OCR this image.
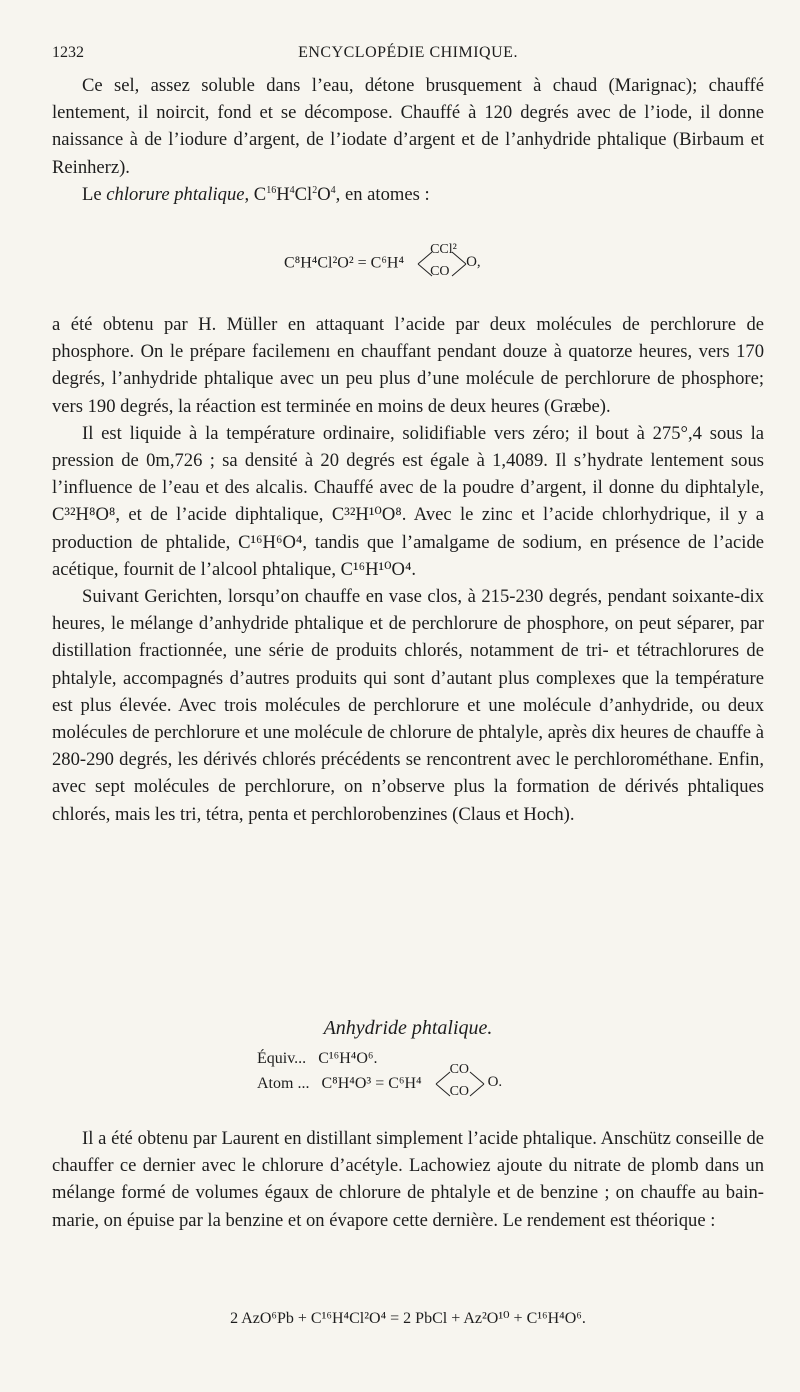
1232	ENCYCLOPÉDIE CHIMIQUE.

Ce sel, assez soluble dans l’eau, détone brusquement à chaud (Marignac); chauffé lentement, il noircit, fond et se décompose. Chauffé à 120 degrés avec de l’iode, il donne naissance à de l’iodure d’argent, de l’iodate d’argent et de l’anhydride phtalique (Birbaum et Reinherz).

Le chlorure phtalique, $C^{16}H^4Cl^2O^4$, en atomes :

C⁸H⁴Cl²O² = C⁶H⁴
CCl²
CO
O,

a été obtenu par H. Müller en attaquant l’acide par deux molécules de perchlorure de phosphore. On le prépare facilemenı en chauffant pendant douze à quatorze heures, vers 170 degrés, l’anhydride phtalique avec un peu plus d’une molécule de perchlorure de phosphore; vers 190 degrés, la réaction est terminée en moins de deux heures (Græbe).

Il est liquide à la température ordinaire, solidifiable vers zéro; il bout à 275°,4 sous la pression de 0m,726 ; sa densité à 20 degrés est égale à 1,4089. Il s’hydrate lentement sous l’influence de l’eau et des alcalis. Chauffé avec de la poudre d’argent, il donne du diphtalyle, C³²H⁸O⁸, et de l’acide diphtalique, C³²H¹⁰O⁸. Avec le zinc et l’acide chlorhydrique, il y a production de phtalide, C¹⁶H⁶O⁴, tandis que l’amalgame de sodium, en présence de l’acide acétique, fournit de l’alcool phtalique, C¹⁶H¹⁰O⁴.

Suivant Gerichten, lorsqu’on chauffe en vase clos, à 215-230 degrés, pendant soixante-dix heures, le mélange d’anhydride phtalique et de perchlorure de phosphore, on peut séparer, par distillation fractionnée, une série de produits chlorés, notamment de tri- et tétrachlorures de phtalyle, accompagnés d’autres produits qui sont d’autant plus complexes que la température est plus élevée. Avec trois molécules de perchlorure et une molécule d’anhydride, ou deux molécules de perchlorure et une molécule de chlorure de phtalyle, après dix heures de chauffe à 280-290 degrés, les dérivés chlorés précédents se rencontrent avec le perchlorométhane. Enfin, avec sept molécules de perchlorure, on n’observe plus la formation de dérivés phtaliques chlorés, mais les tri, tétra, penta et perchlorobenzines (Claus et Hoch).

Anhydride phtalique.
Équiv... C¹⁶H⁴O⁶.
Atom ... C⁸H⁴O³ = C⁶H⁴
CO
CO
O.

Il a été obtenu par Laurent en distillant simplement l’acide phtalique. Anschütz conseille de chauffer ce dernier avec le chlorure d’acétyle. Lachowiez ajoute du nitrate de plomb dans un mélange formé de volumes égaux de chlorure de phtalyle et de benzine ; on chauffe au bain-marie, on épuise par la benzine et on évapore cette dernière. Le rendement est théorique :

2 AzO⁶Pb + C¹⁶H⁴Cl²O⁴ = 2 PbCl + Az²O¹⁰ + C¹⁶H⁴O⁶.
